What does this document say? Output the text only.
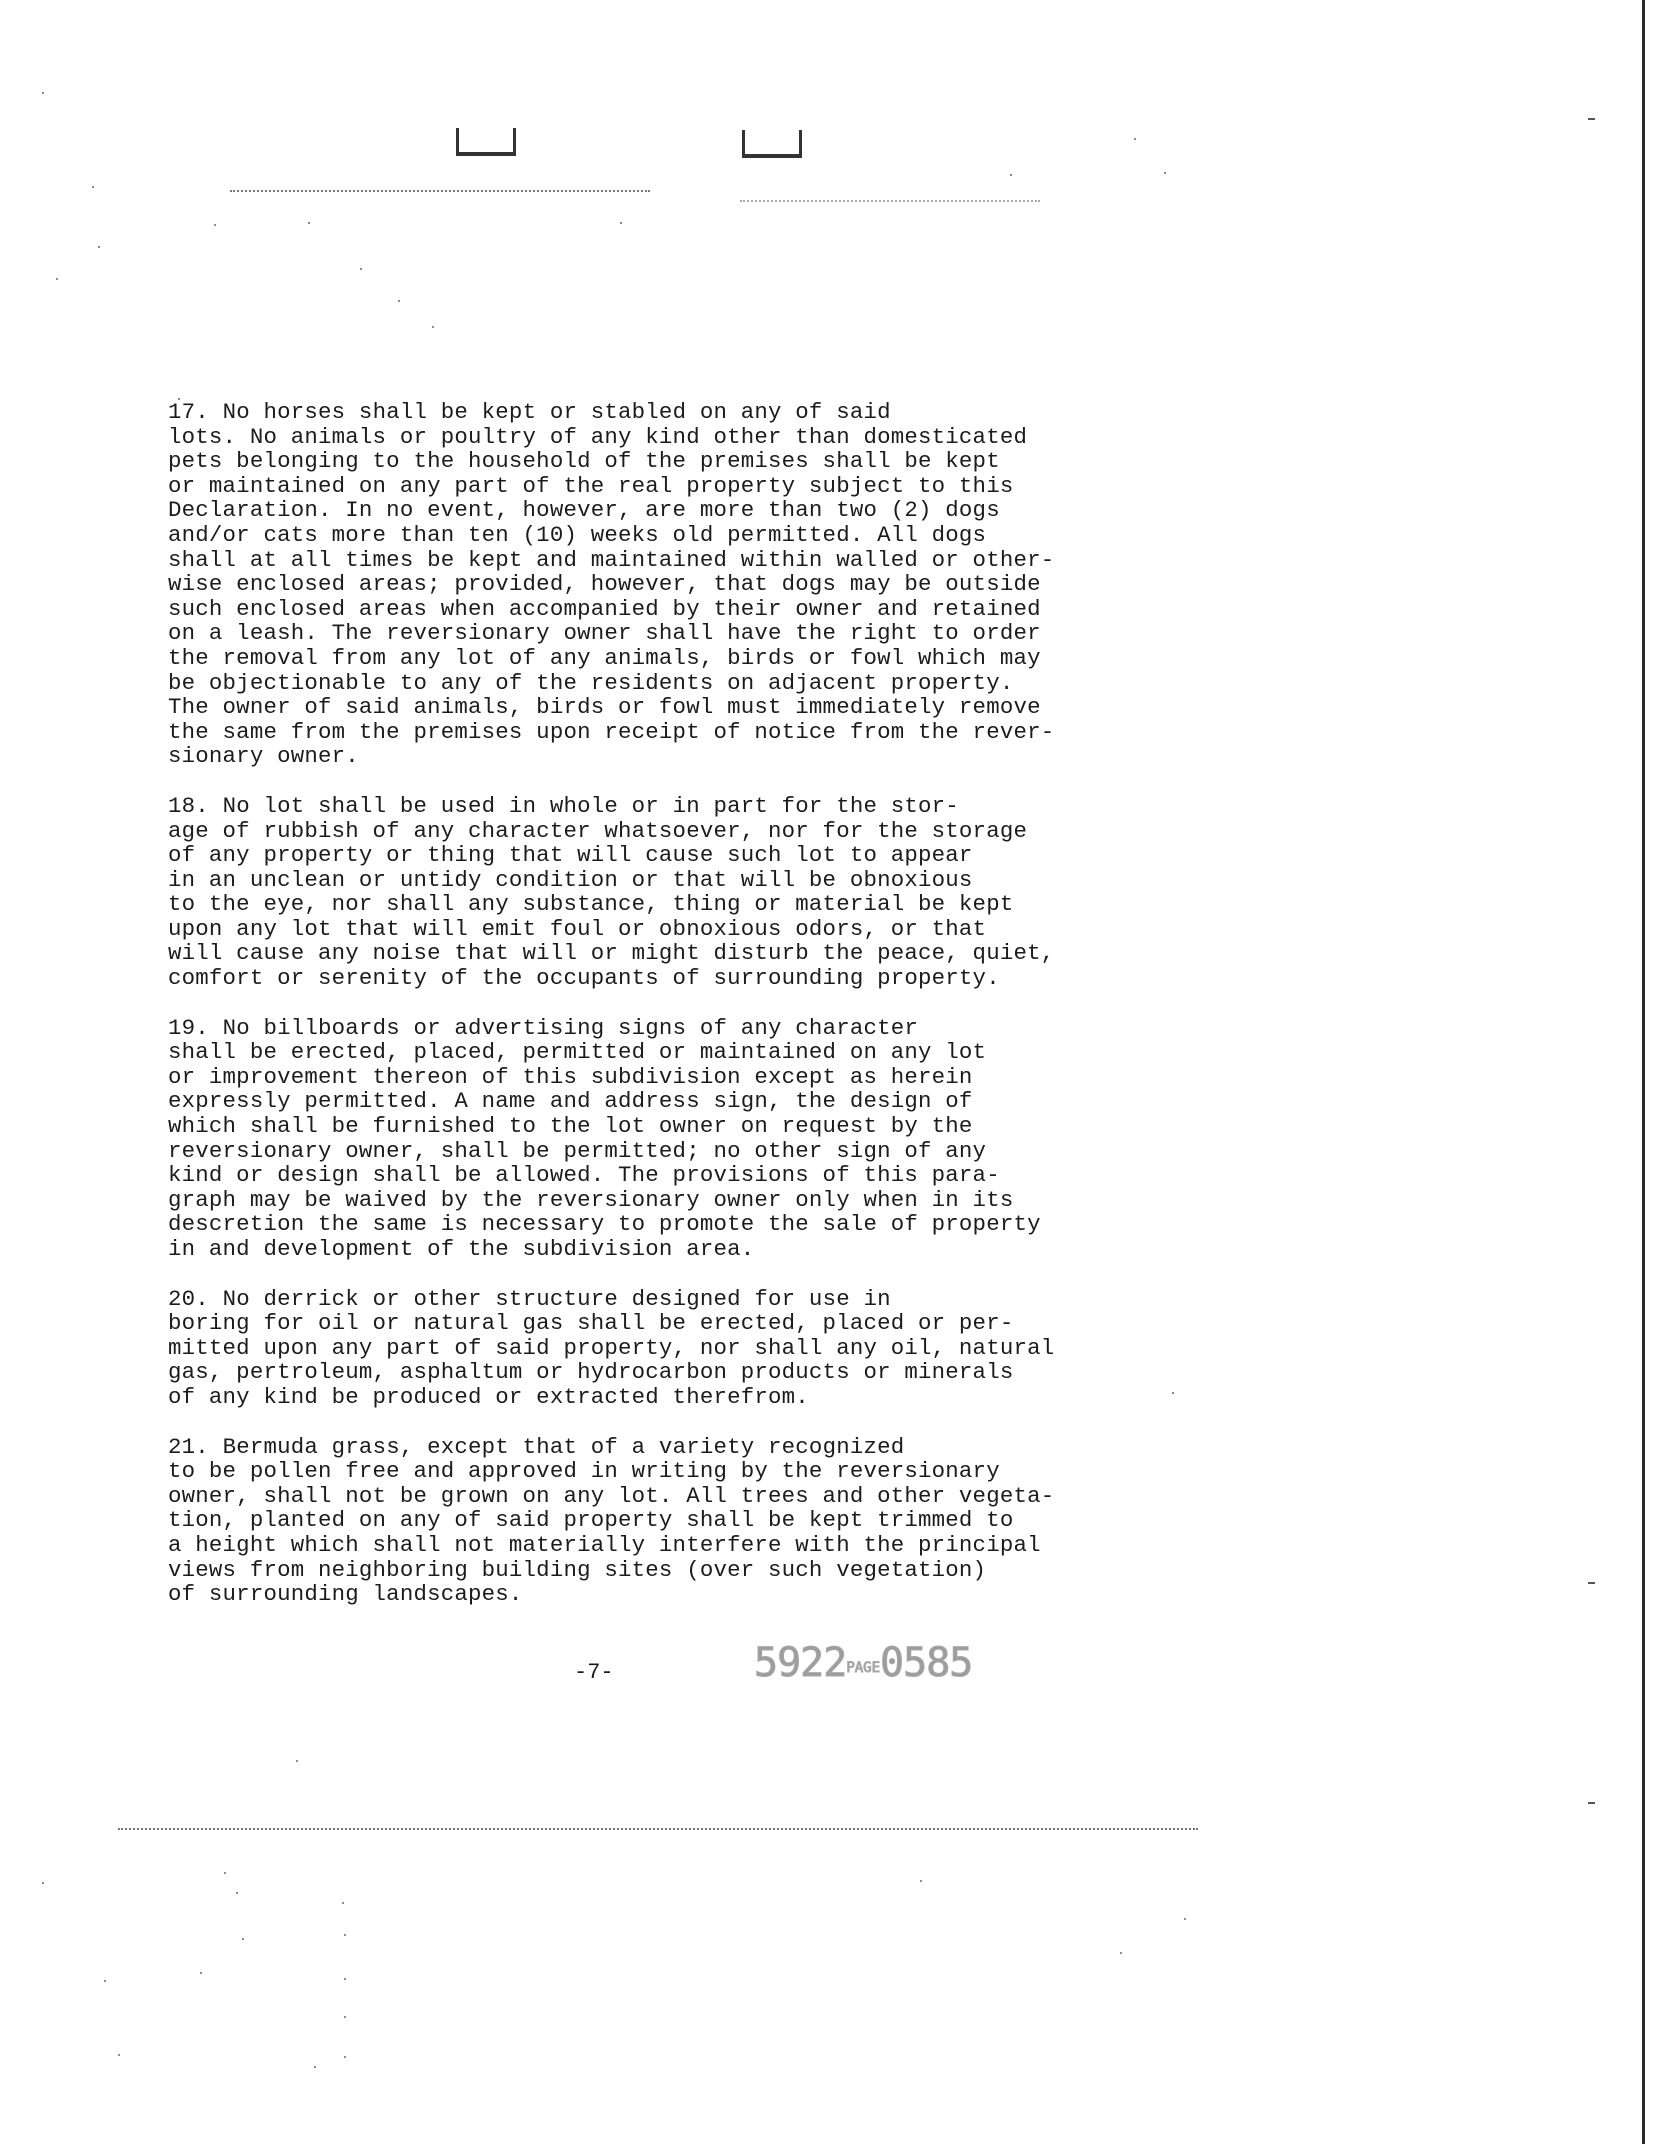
17. No horses shall be kept or stabled on any of said
lots. No animals or poultry of any kind other than domesticated
pets belonging to the household of the premises shall be kept
or maintained on any part of the real property subject to this
Declaration. In no event, however, are more than two (2) dogs
and/or cats more than ten (10) weeks old permitted. All dogs
shall at all times be kept and maintained within walled or other-
wise enclosed areas; provided, however, that dogs may be outside
such enclosed areas when accompanied by their owner and retained
on a leash. The reversionary owner shall have the right to order
the removal from any lot of any animals, birds or fowl which may
be objectionable to any of the residents on adjacent property.
The owner of said animals, birds or fowl must immediately remove
the same from the premises upon receipt of notice from the rever-
sionary owner.

18. No lot shall be used in whole or in part for the stor-
age of rubbish of any character whatsoever, nor for the storage
of any property or thing that will cause such lot to appear
in an unclean or untidy condition or that will be obnoxious
to the eye, nor shall any substance, thing or material be kept
upon any lot that will emit foul or obnoxious odors, or that
will cause any noise that will or might disturb the peace, quiet,
comfort or serenity of the occupants of surrounding property.

19. No billboards or advertising signs of any character
shall be erected, placed, permitted or maintained on any lot
or improvement thereon of this subdivision except as herein
expressly permitted. A name and address sign, the design of
which shall be furnished to the lot owner on request by the
reversionary owner, shall be permitted; no other sign of any
kind or design shall be allowed. The provisions of this para-
graph may be waived by the reversionary owner only when in its
descretion the same is necessary to promote the sale of property
in and development of the subdivision area.

20. No derrick or other structure designed for use in
boring for oil or natural gas shall be erected, placed or per-
mitted upon any part of said property, nor shall any oil, natural
gas, pertroleum, asphaltum or hydrocarbon products or minerals
of any kind be produced or extracted therefrom.

21. Bermuda grass, except that of a variety recognized
to be pollen free and approved in writing by the reversionary
owner, shall not be grown on any lot. All trees and other vegeta-
tion, planted on any of said property shall be kept trimmed to
a height which shall not materially interfere with the principal
views from neighboring building sites (over such vegetation)
of surrounding landscapes.

-7-	5922PAGE0585
